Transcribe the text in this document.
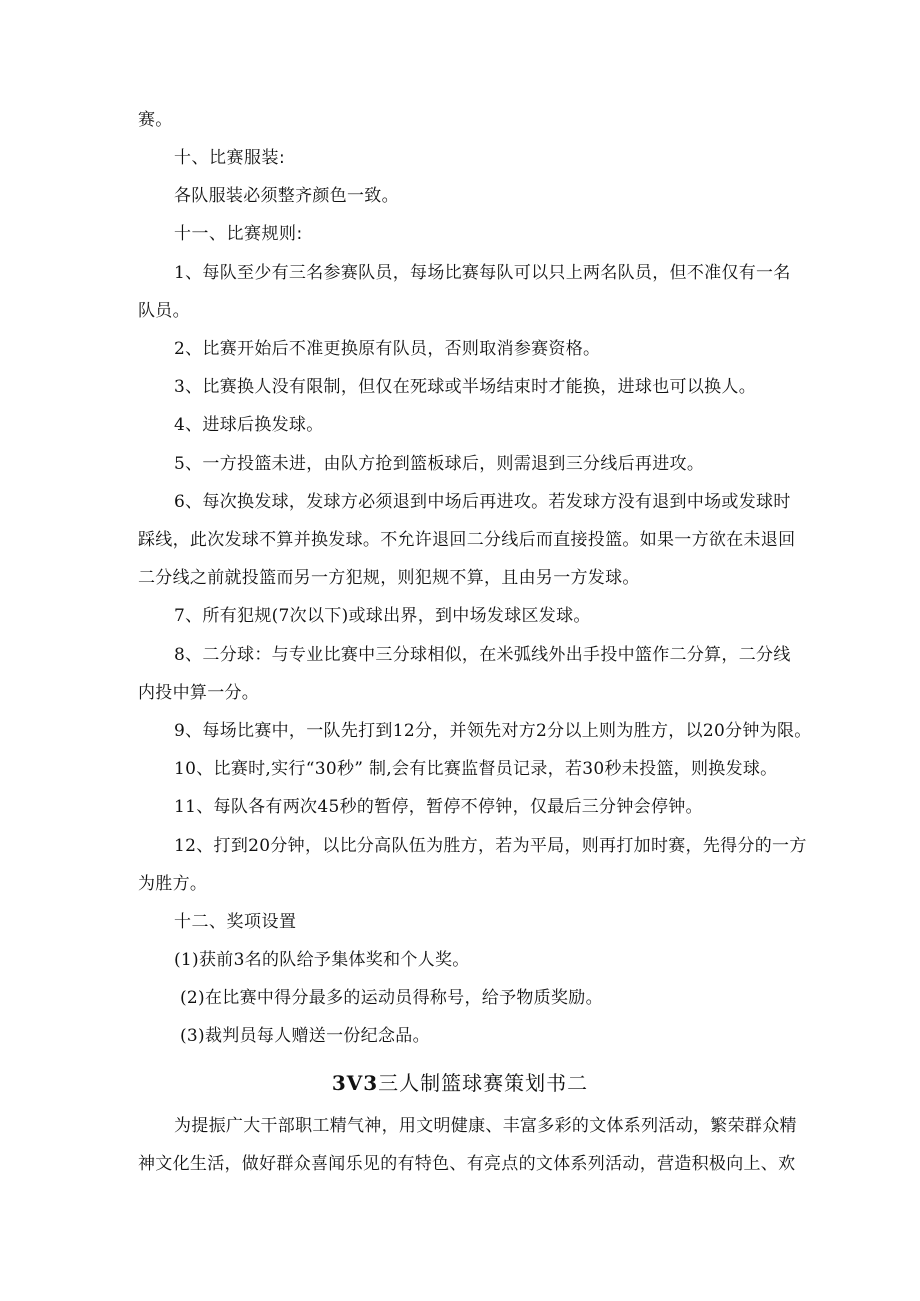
赛。
十、比赛服装:
各队服装必须整齐颜色一致。
十一、比赛规则:
1、每队至少有三名参赛队员，每场比赛每队可以只上两名队员，但不准仅有一名
队员。
2、比赛开始后不准更换原有队员，否则取消参赛资格。
3、比赛换人没有限制，但仅在死球或半场结束时才能换，进球也可以换人。
4、进球后换发球。
5、一方投篮未进，由队方抢到篮板球后，则需退到三分线后再进攻。
6、每次换发球，发球方必须退到中场后再进攻。若发球方没有退到中场或发球时
踩线，此次发球不算并换发球。不允许退回二分线后而直接投篮。如果一方欲在未退回
二分线之前就投篮而另一方犯规，则犯规不算，且由另一方发球。
7、所有犯规(7次以下)或球出界，到中场发球区发球。
8、二分球：与专业比赛中三分球相似，在米弧线外出手投中篮作二分算，二分线
内投中算一分。
9、每场比赛中，一队先打到12分，并领先对方2分以上则为胜方，以20分钟为限。
10、比赛时,实行“30秒” 制,会有比赛监督员记录，若30秒未投篮，则换发球。
11、每队各有两次45秒的暂停，暂停不停钟，仅最后三分钟会停钟。
12、打到20分钟，以比分高队伍为胜方，若为平局，则再打加时赛，先得分的一方
为胜方。
十二、奖项设置
(1)获前3名的队给予集体奖和个人奖。
(2)在比赛中得分最多的运动员得称号，给予物质奖励。
(3)裁判员每人赠送一份纪念品。
3V3三人制篮球赛策划书二
为提振广大干部职工精气神，用文明健康、丰富多彩的文体系列活动，繁荣群众精
神文化生活，做好群众喜闻乐见的有特色、有亮点的文体系列活动，营造积极向上、欢
